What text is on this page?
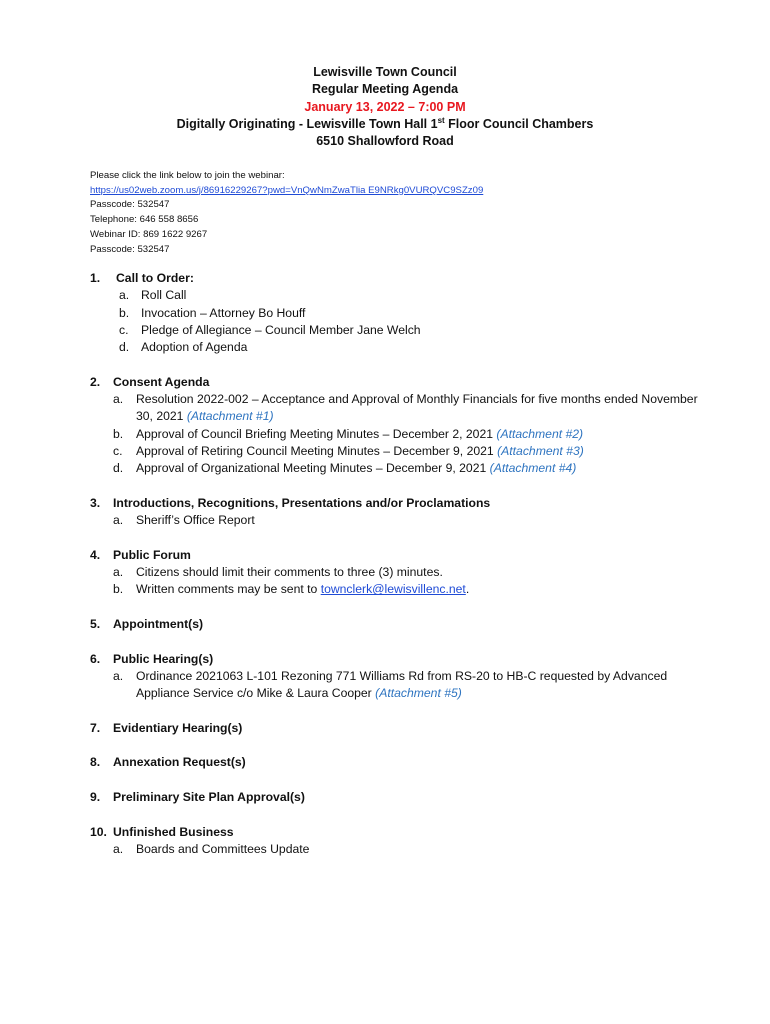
Lewisville Town Council
Regular Meeting Agenda
January 13, 2022 – 7:00 PM
Digitally Originating - Lewisville Town Hall 1st Floor Council Chambers
6510 Shallowford Road
Please click the link below to join the webinar:
https://us02web.zoom.us/j/86916229267?pwd=VnQwNmZwaTlia E9NRkg0VURQVC9SZz09
Passcode: 532547
Telephone: 646 558 8656
Webinar ID: 869 1622 9267
Passcode: 532547
1. Call to Order:
a. Roll Call
b. Invocation – Attorney Bo Houff
c. Pledge of Allegiance – Council Member Jane Welch
d. Adoption of Agenda
2. Consent Agenda
a. Resolution 2022-002 – Acceptance and Approval of Monthly Financials for five months ended November 30, 2021 (Attachment #1)
b. Approval of Council Briefing Meeting Minutes – December 2, 2021 (Attachment #2)
c. Approval of Retiring Council Meeting Minutes – December 9, 2021 (Attachment #3)
d. Approval of Organizational Meeting Minutes – December 9, 2021 (Attachment #4)
3. Introductions, Recognitions, Presentations and/or Proclamations
a. Sheriff’s Office Report
4. Public Forum
a. Citizens should limit their comments to three (3) minutes.
b. Written comments may be sent to townclerk@lewisvillenc.net.
5. Appointment(s)
6. Public Hearing(s)
a. Ordinance 2021063 L-101 Rezoning 771 Williams Rd from RS-20 to HB-C requested by Advanced Appliance Service c/o Mike & Laura Cooper (Attachment #5)
7. Evidentiary Hearing(s)
8. Annexation Request(s)
9. Preliminary Site Plan Approval(s)
10. Unfinished Business
a. Boards and Committees Update
